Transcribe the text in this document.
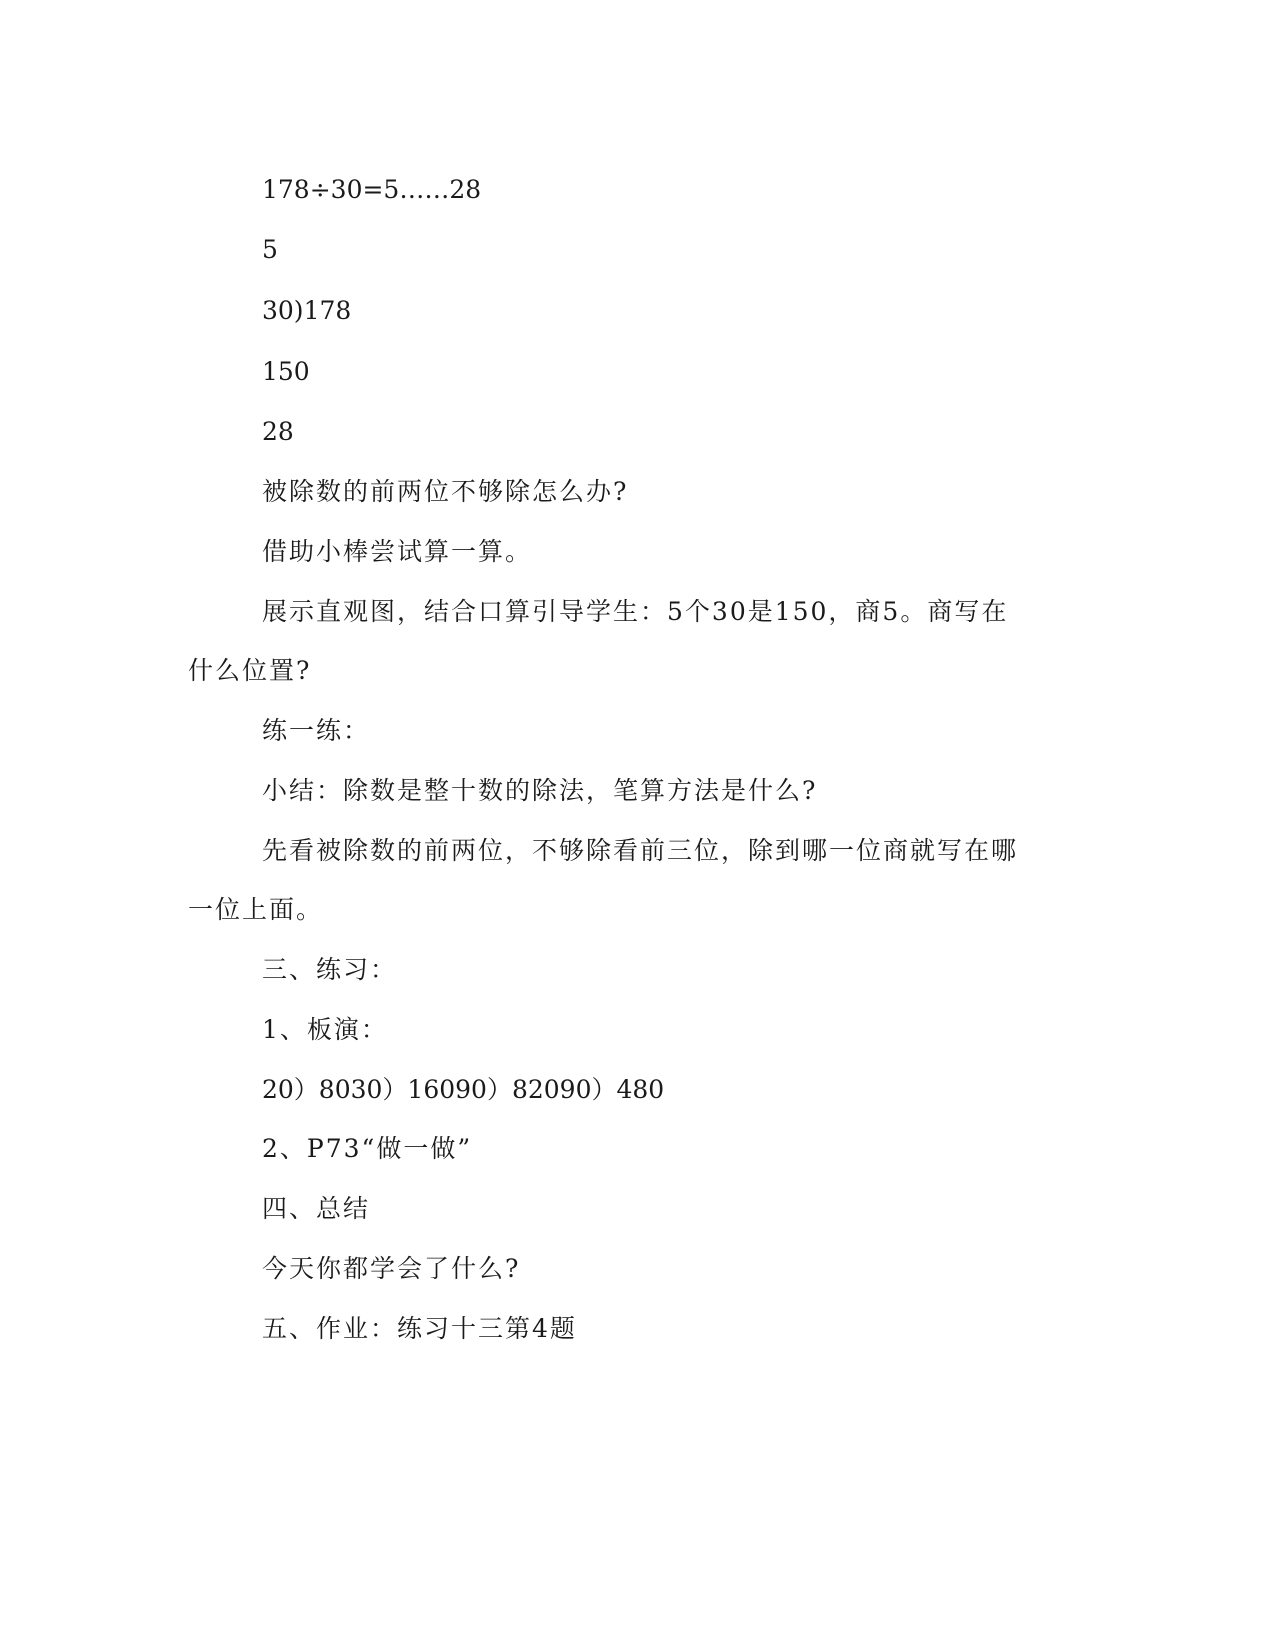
178÷30=5……28
5
30)178
150
28
被除数的前两位不够除怎么办?
借助小棒尝试算一算。
展示直观图，结合口算引导学生：5个30是150，商5。商写在
什么位置?
练一练：
小结：除数是整十数的除法，笔算方法是什么?
先看被除数的前两位，不够除看前三位，除到哪一位商就写在哪
一位上面。
三、练习：
1、板演：
20）8030）16090）82090）480
2、P73“做一做”
四、总结
今天你都学会了什么?
五、作业：练习十三第4题
